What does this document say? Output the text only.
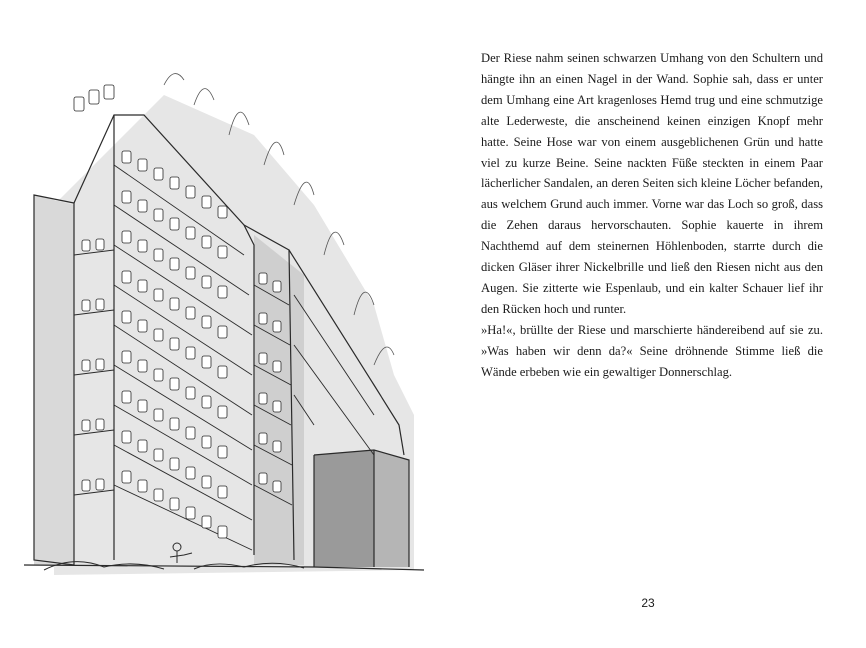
Der Riese nahm seinen schwarzen Umhang von den Schultern und hängte ihn an einen Nagel in der Wand. Sophie sah, dass er unter dem Umhang eine Art kragenloses Hemd trug und eine schmutzige alte Lederweste, die anscheinend keinen einzigen Knopf mehr hatte. Seine Hose war von einem ausgeblichenen Grün und hatte viel zu kurze Beine. Seine nackten Füße steckten in einem Paar lächerlicher Sandalen, an deren Seiten sich kleine Löcher befanden, aus welchem Grund auch immer. Vorne war das Loch so groß, dass die Zehen daraus hervorschauten. Sophie kauerte in ihrem Nachthemd auf dem steinernen Höhlenboden, starrte durch die dicken Gläser ihrer Nickelbrille und ließ den Riesen nicht aus den Augen. Sie zitterte wie Espenlaub, und ein kalter Schauer lief ihr den Rücken hoch und runter.

»Ha!«, brüllte der Riese und marschierte händereibend auf sie zu. »Was haben wir denn da?« Seine dröhnende Stimme ließ die Wände erbeben wie ein gewaltiger Donnerschlag.

23
